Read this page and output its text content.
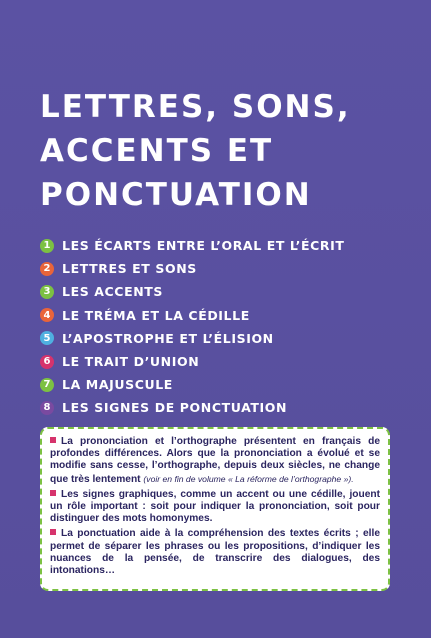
LETTRES, SONS,
ACCENTS ET
PONCTUATION
1 LES ÉCARTS ENTRE L’ORAL ET L’ÉCRIT
2 LETTRES ET SONS
3 LES ACCENTS
4 LE TRÉMA ET LA CÉDILLE
5 L’APOSTROPHE ET L’ÉLISION
6 LE TRAIT D’UNION
7 LA MAJUSCULE
8 LES SIGNES DE PONCTUATION

La prononciation et l’orthographe présentent en français de profondes différences. Alors que la prononciation a évolué et se modifie sans cesse, l’orthographe, depuis deux siècles, ne change que très lentement (voir en fin de volume « La réforme de l’orthographe »).

Les signes graphiques, comme un accent ou une cédille, jouent un rôle important : soit pour indiquer la prononciation, soit pour distinguer des mots homonymes.

La ponctuation aide à la compréhension des textes écrits ; elle permet de séparer les phrases ou les propositions, d’indiquer les nuances de la pensée, de transcrire des dialogues, des intonations…
